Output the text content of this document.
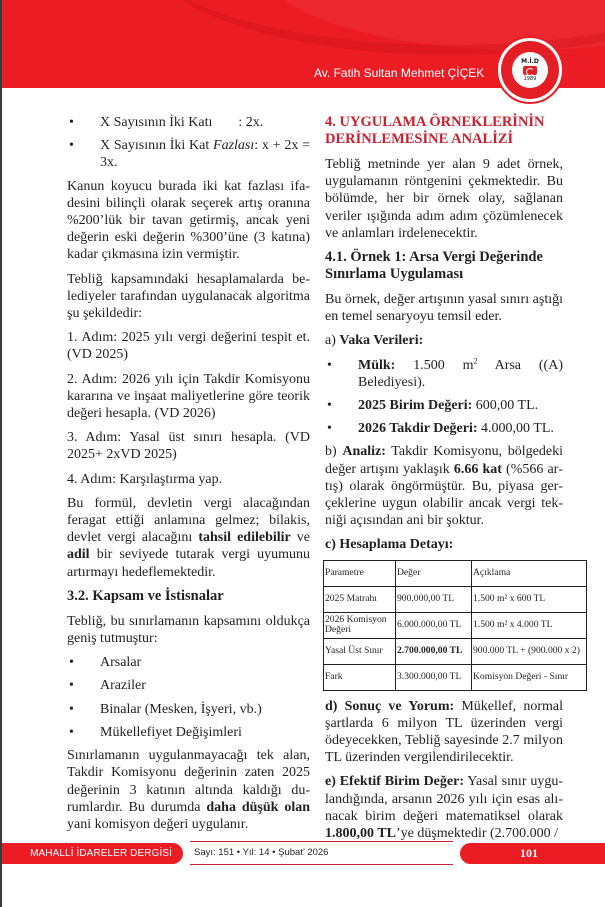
Av. Fatih Sultan Mehmet ÇİÇEK
M.İ.D
1989
•	X Sayısının İki Katı : 2x.
•	X Sayısının İki Kat Fazlası: x + 2x = 3x.

Kanun koyucu burada iki kat fazlası ifadesini bilinçli olarak seçerek artış oranına %200’lük bir tavan getirmiş, ancak yeni değerin eski değerin %300’üne (3 katına) kadar çıkmasına izin vermiştir.

Tebliğ kapsamındaki hesaplamalarda belediyeler tarafından uygulanacak algoritma şu şekildedir:

1. Adım: 2025 yılı vergi değerini tespit et. (VD 2025)

2. Adım: 2026 yılı için Takdir Komisyonu kararına ve inşaat maliyetlerine göre teorik değeri hesapla. (VD 2026)

3. Adım: Yasal üst sınırı hesapla. (VD 2025+ 2xVD 2025)

4. Adım: Karşılaştırma yap.

Bu formül, devletin vergi alacağından feragat ettiği anlamına gelmez; bilakis, devlet vergi alacağını tahsil edilebilir ve adil bir seviyede tutarak vergi uyumunu artırmayı hedeflemektedir.

3.2. Kapsam ve İstisnalar

Tebliğ, bu sınırlamanın kapsamını oldukça geniş tutmuştur:

•	Arsalar
•	Araziler
•	Binalar (Mesken, İşyeri, vb.)
•	Mükellefiyet Değişimleri

Sınırlamanın uygulanmayacağı tek alan, Takdir Komisyonu değerinin zaten 2025 değerinin 3 katının altında kaldığı durumlardır. Bu durumda daha düşük olan yani komisyon değeri uygulanır.

4. UYGULAMA ÖRNEKLERİNİN DERİNLEMESİNE ANALİZİ

Tebliğ metninde yer alan 9 adet örnek, uygulamanın röntgenini çekmektedir. Bu bölümde, her bir örnek olay, sağlanan veriler ışığında adım adım çözümlenecek ve anlamları irdelenecektir.

4.1. Örnek 1: Arsa Vergi Değerinde Sınırlama Uygulaması

Bu örnek, değer artışının yasal sınırı aştığı en temel senaryoyu temsil eder.

a) Vaka Verileri:

•	Mülk: 1.500 $m^2$ Arsa ((A) Belediyesi).
•	2025 Birim Değeri: 600,00 TL.
•	2026 Takdir Değeri: 4.000,00 TL.

b) Analiz: Takdir Komisyonu, bölgedeki değer artışını yaklaşık 6.66 kat (%566 artış) olarak öngörmüştür. Bu, piyasa gerçeklerine uygun olabilir ancak vergi tekniği açısından ani bir şoktur.

c) Hesaplama Detayı:

Parametre	Değer	Açıklama
2025 Matrahı	900.000,00 TL	1.500 m² x 600 TL
2026 Komisyon Değeri	6.000.000,00 TL	1.500 m² x 4.000 TL
Yasal Üst Sınır	2.700.000,00 TL	900.000 TL + (900.000 x 2)
Fark	3.300.000,00 TL	Komisyon Değeri - Sınır

d) Sonuç ve Yorum: Mükellef, normal şartlarda 6 milyon TL üzerinden vergi ödeyecekken, Tebliğ sayesinde 2.7 milyon TL üzerinden vergilendirilecektir.

e) Efektif Birim Değer: Yasal sınır uygulandığında, arsanın 2026 yılı için esas alınacak birim değeri matematiksel olarak 1.800,00 TL’ye düşmektedir (2.700.000 /

MAHALLİ İDARELER DERGİSİ	Sayı: 151 • Yıl: 14 • Şubat’ 2026	101
